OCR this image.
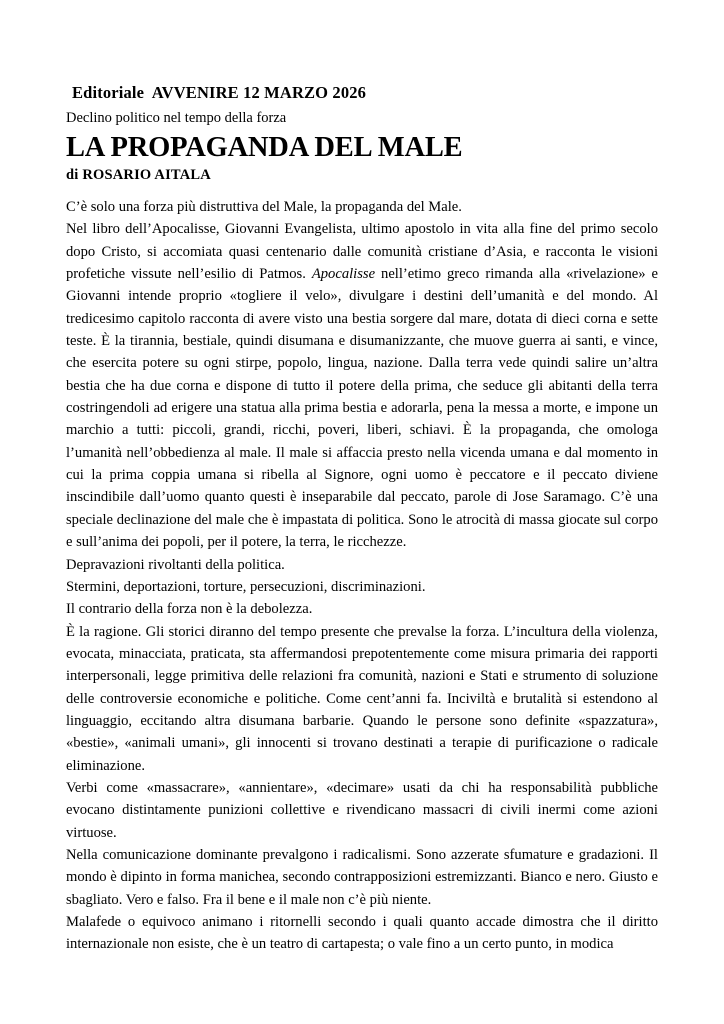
Editoriale  AVVENIRE 12 MARZO 2026
Declino politico nel tempo della forza
LA PROPAGANDA DEL MALE
di ROSARIO AITALA

C’è solo una forza più distruttiva del Male, la propaganda del Male.

Nel libro dell’Apocalisse, Giovanni Evangelista, ultimo apostolo in vita alla fine del primo secolo dopo Cristo, si accomiata quasi centenario dalle comunità cristiane d’Asia, e racconta le visioni profetiche vissute nell’esilio di Patmos. Apocalisse nell’etimo greco rimanda alla «rivelazione» e Giovanni intende proprio «togliere il velo», divulgare i destini dell’umanità e del mondo. Al tredicesimo capitolo racconta di avere visto una bestia sorgere dal mare, dotata di dieci corna e sette teste. È la tirannia, bestiale, quindi disumana e disumanizzante, che muove guerra ai santi, e vince, che esercita potere su ogni stirpe, popolo, lingua, nazione. Dalla terra vede quindi salire un’altra bestia che ha due corna e dispone di tutto il potere della prima, che seduce gli abitanti della terra costringendoli ad erigere una statua alla prima bestia e adorarla, pena la messa a morte, e impone un marchio a tutti: piccoli, grandi, ricchi, poveri, liberi, schiavi. È la propaganda, che omologa l’umanità nell’obbedienza al male. Il male si affaccia presto nella vicenda umana e dal momento in cui la prima coppia umana si ribella al Signore, ogni uomo è peccatore e il peccato diviene inscindibile dall’uomo quanto questi è inseparabile dal peccato, parole di Jose Saramago. C’è una speciale declinazione del male che è impastata di politica. Sono le atrocità di massa giocate sul corpo e sull’anima dei popoli, per il potere, la terra, le ricchezze.

Depravazioni rivoltanti della politica.

Stermini, deportazioni, torture, persecuzioni, discriminazioni.

Il contrario della forza non è la debolezza.

È la ragione. Gli storici diranno del tempo presente che prevalse la forza. L’incultura della violenza, evocata, minacciata, praticata, sta affermandosi prepotentemente come misura primaria dei rapporti interpersonali, legge primitiva delle relazioni fra comunità, nazioni e Stati e strumento di soluzione delle controversie economiche e politiche. Come cent’anni fa. Inciviltà e brutalità si estendono al linguaggio, eccitando altra disumana barbarie. Quando le persone sono definite «spazzatura», «bestie», «animali umani», gli innocenti si trovano destinati a terapie di purificazione o radicale eliminazione.

Verbi come «massacrare», «annientare», «decimare» usati da chi ha responsabilità pubbliche evocano distintamente punizioni collettive e rivendicano massacri di civili inermi come azioni virtuose.

Nella comunicazione dominante prevalgono i radicalismi. Sono azzerate sfumature e gradazioni. Il mondo è dipinto in forma manichea, secondo contrapposizioni estremizzanti. Bianco e nero. Giusto e sbagliato. Vero e falso. Fra il bene e il male non c’è più niente.

Malafede o equivoco animano i ritornelli secondo i quali quanto accade dimostra che il diritto internazionale non esiste, che è un teatro di cartapesta; o vale fino a un certo punto, in modica
